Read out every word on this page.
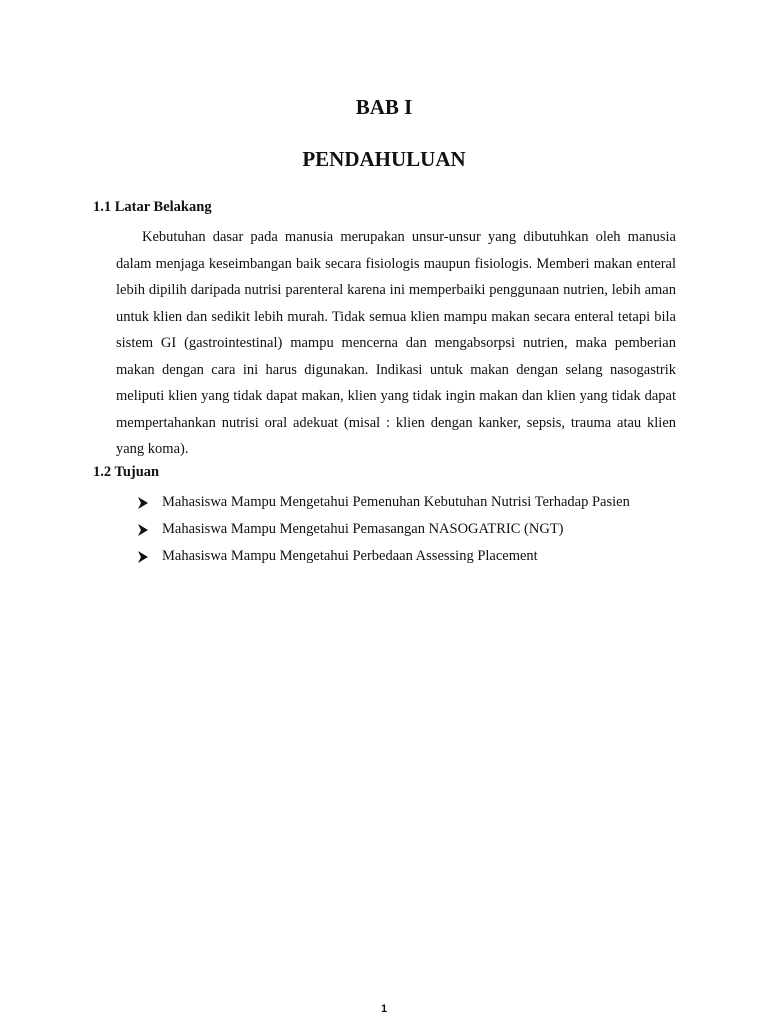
BAB I
PENDAHULUAN
1.1 Latar Belakang

Kebutuhan dasar pada manusia merupakan unsur-unsur yang dibutuhkan oleh manusia dalam menjaga keseimbangan baik secara fisiologis maupun fisiologis. Memberi makan enteral lebih dipilih daripada nutrisi parenteral karena ini memperbaiki penggunaan nutrien, lebih aman untuk klien dan sedikit lebih murah. Tidak semua klien mampu makan secara enteral tetapi bila sistem GI (gastrointestinal) mampu mencerna dan mengabsorpsi nutrien, maka pemberian makan dengan cara ini harus digunakan. Indikasi untuk makan dengan selang nasogastrik meliputi klien yang tidak dapat makan, klien yang tidak ingin makan dan klien yang tidak dapat mempertahankan nutrisi oral adekuat (misal : klien dengan kanker, sepsis, trauma atau klien yang koma).

1.2 Tujuan
Mahasiswa Mampu Mengetahui Pemenuhan Kebutuhan Nutrisi Terhadap Pasien
Mahasiswa Mampu Mengetahui Pemasangan NASOGATRIC (NGT)
Mahasiswa Mampu Mengetahui Perbedaan Assessing Placement
1
